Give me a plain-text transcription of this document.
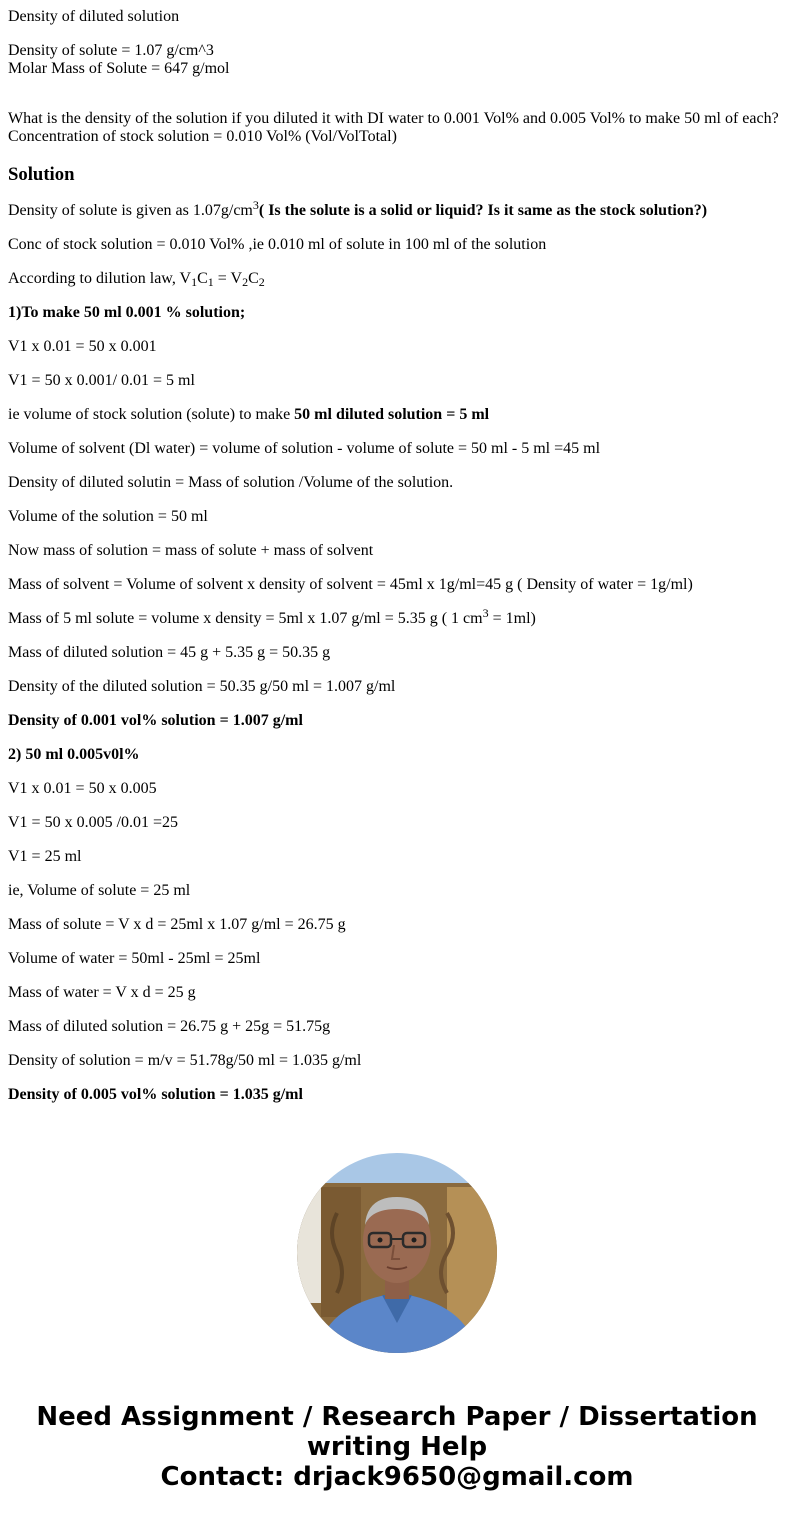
Density of diluted solution
Density of solute = 1.07 g/cm^3
Molar Mass of Solute = 647 g/mol
What is the density of the solution if you diluted it with DI water to 0.001 Vol% and 0.005 Vol% to make 50 ml of each?
Concentration of stock solution = 0.010 Vol% (Vol/VolTotal)
Solution

Density of solute is given as $1.07g/cm^3$( Is the solute is a solid or liquid? Is it same as the stock solution?)

Conc of stock solution = 0.010 Vol% ,ie 0.010 ml of solute in 100 ml of the solution

According to dilution law, $V_1C_1 = V_2C_2$

1)To make 50 ml 0.001 % solution;

V1 x 0.01 = 50 x 0.001

V1 = 50 x 0.001/ 0.01 = 5 ml

ie volume of stock solution (solute) to make 50 ml diluted solution = 5 ml

Volume of solvent (Dl water) = volume of solution - volume of solute = 50 ml - 5 ml =45 ml

Density of diluted solutin = Mass of solution /Volume of the solution.

Volume of the solution = 50 ml

Now mass of solution = mass of solute + mass of solvent

Mass of solvent = Volume of solvent x density of solvent = 45ml x 1g/ml=45 g ( Density of water = 1g/ml)

Mass of 5 ml solute = volume x density = 5ml x 1.07 g/ml = 5.35 g ( 1 $cm^3 = 1ml$)

Mass of diluted solution = 45 g + 5.35 g = 50.35 g

Density of the diluted solution = 50.35 g/50 ml = 1.007 g/ml

Density of 0.001 vol% solution = 1.007 g/ml

2) 50 ml 0.005v0l%

V1 x 0.01 = 50 x 0.005

V1 = 50 x 0.005 /0.01 =25

V1 = 25 ml

ie, Volume of solute = 25 ml

Mass of solute = V x d = 25ml x 1.07 g/ml = 26.75 g

Volume of water = 50ml - 25ml = 25ml

Mass of water = V x d = 25 g

Mass of diluted solution = 26.75 g + 25g = 51.75g

Density of solution = m/v = 51.78g/50 ml = 1.035 g/ml

Density of 0.005 vol% solution = 1.035 g/ml

Need Assignment / Research Paper / Dissertation
writing Help
Contact: drjack9650@gmail.com
